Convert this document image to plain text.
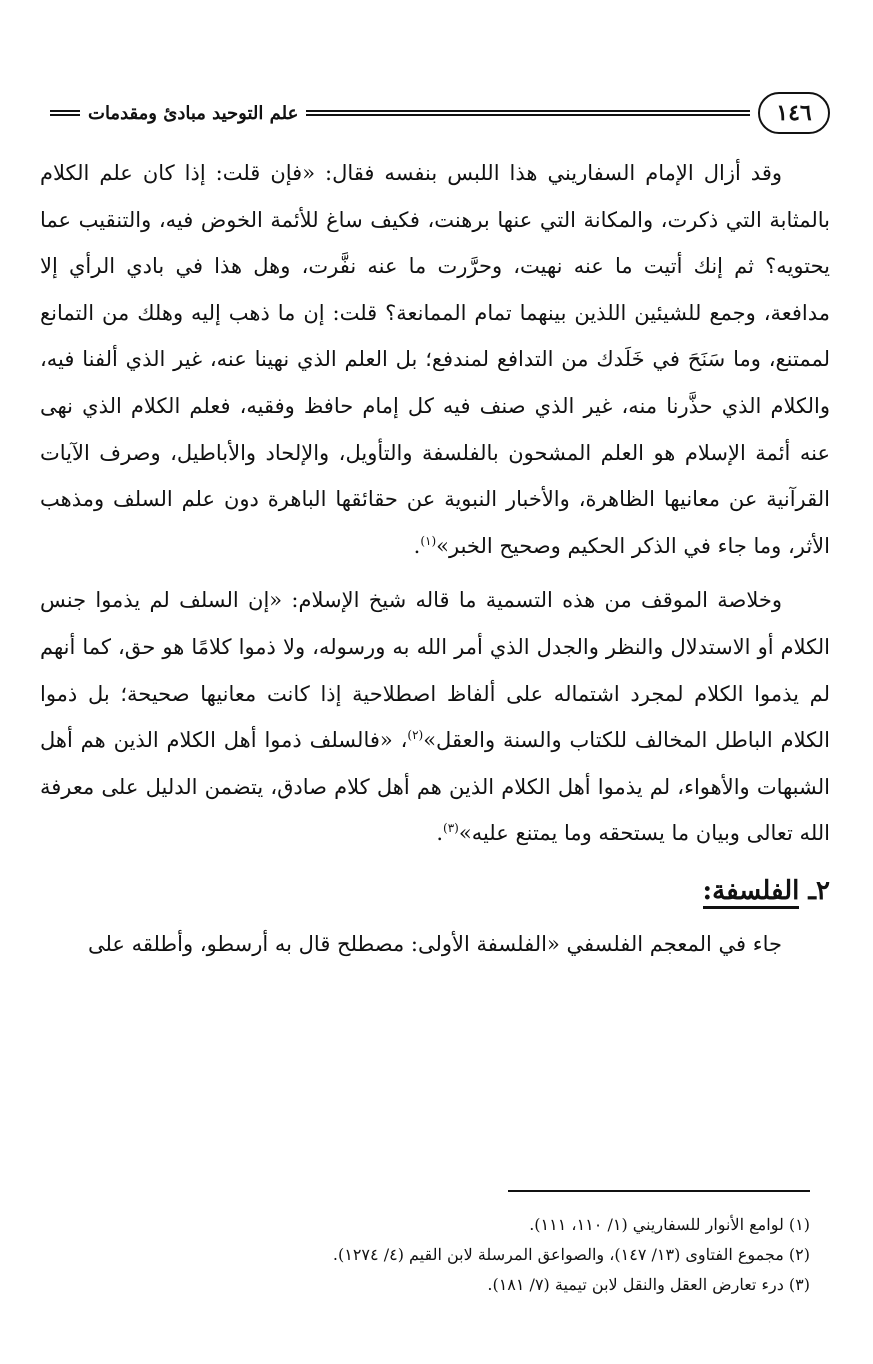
١٤٦
علم التوحيد مبادئ ومقدمات

وقد أزال الإمام السفاريني هذا اللبس بنفسه فقال: «فإن قلت: إذا كان علم الكلام بالمثابة التي ذكرت، والمكانة التي عنها برهنت، فكيف ساغ للأئمة الخوض فيه، والتنقيب عما يحتويه؟ ثم إنك أتيت ما عنه نهيت، وحرَّرت ما عنه نفَّرت، وهل هذا في بادي الرأي إلا مدافعة، وجمع للشيئين اللذين بينهما تمام الممانعة؟ قلت: إن ما ذهب إليه وهلك من التمانع لممتنع، وما سَنَحَ في خَلَدك من التدافع لمندفع؛ بل العلم الذي نهينا عنه، غير الذي ألفنا فيه، والكلام الذي حذَّرنا منه، غير الذي صنف فيه كل إمام حافظ وفقيه، فعلم الكلام الذي نهى عنه أئمة الإسلام هو العلم المشحون بالفلسفة والتأويل، والإلحاد والأباطيل، وصرف الآيات القرآنية عن معانيها الظاهرة، والأخبار النبوية عن حقائقها الباهرة دون علم السلف ومذهب الأثر، وما جاء في الذكر الحكيم وصحيح الخبر»$^{(١)}$.

وخلاصة الموقف من هذه التسمية ما قاله شيخ الإسلام: «إن السلف لم يذموا جنس الكلام أو الاستدلال والنظر والجدل الذي أمر الله به ورسوله، ولا ذموا كلامًا هو حق، كما أنهم لم يذموا الكلام لمجرد اشتماله على ألفاظ اصطلاحية إذا كانت معانيها صحيحة؛ بل ذموا الكلام الباطل المخالف للكتاب والسنة والعقل»$^{(٢)}$، «فالسلف ذموا أهل الكلام الذين هم أهل الشبهات والأهواء، لم يذموا أهل الكلام الذين هم أهل كلام صادق، يتضمن الدليل على معرفة الله تعالى وبيان ما يستحقه وما يمتنع عليه»$^{(٣)}$.

٢ـ الفلسفة:

جاء في المعجم الفلسفي «الفلسفة الأولى: مصطلح قال به أرسطو، وأطلقه على

(١) لوامع الأنوار للسفاريني (١/ ١١٠، ١١١).

(٢) مجموع الفتاوى (١٣/ ١٤٧)، والصواعق المرسلة لابن القيم (٤/ ١٢٧٤).

(٣) درء تعارض العقل والنقل لابن تيمية (٧/ ١٨١).
